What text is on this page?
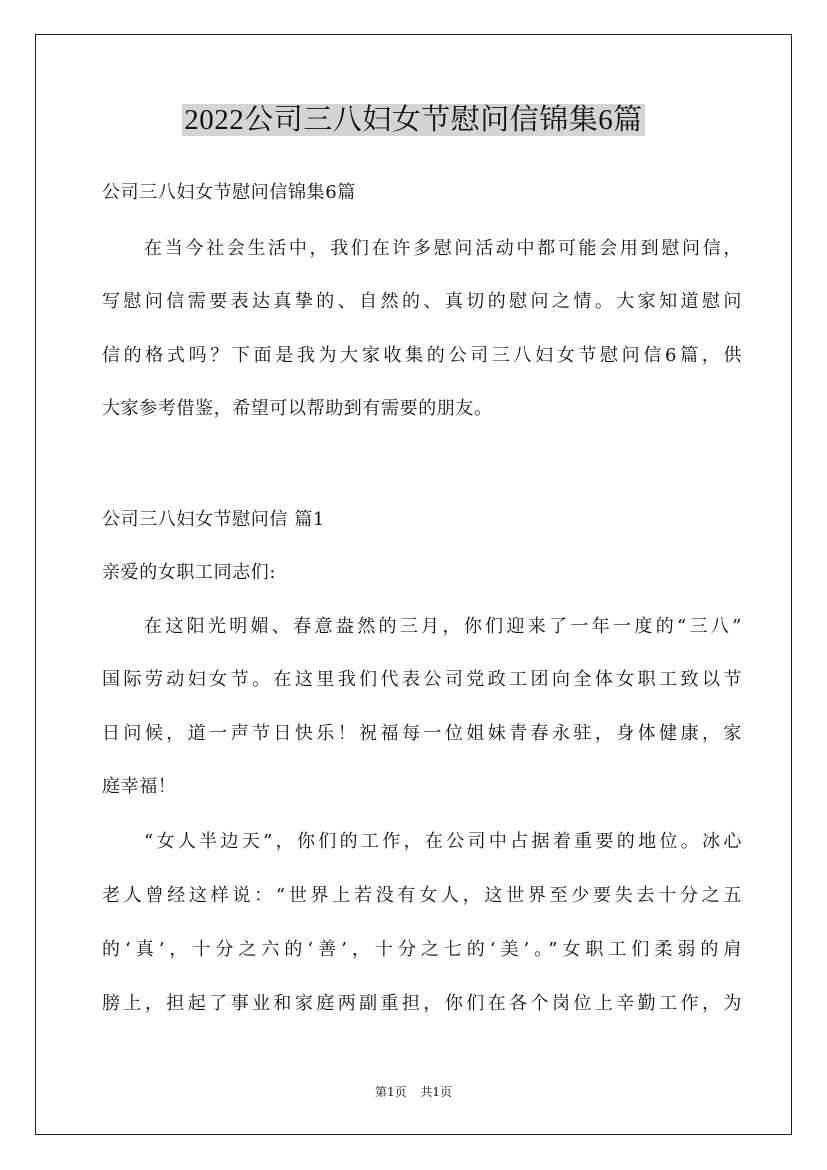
2022公司三八妇女节慰问信锦集6篇
公司三八妇女节慰问信锦集6篇
在当今社会生活中，我们在许多慰问活动中都可能会用到慰问信，
写慰问信需要表达真挚的、自然的、真切的慰问之情。大家知道慰问
信的格式吗？下面是我为大家收集的公司三八妇女节慰问信6篇，供
大家参考借鉴，希望可以帮助到有需要的朋友。
公司三八妇女节慰问信 篇1
亲爱的女职工同志们:
在这阳光明媚、春意盎然的三月，你们迎来了一年一度的“三八”
国际劳动妇女节。在这里我们代表公司党政工团向全体女职工致以节
日问候，道一声节日快乐！祝福每一位姐妹青春永驻，身体健康，家
庭幸福！
“女人半边天”，你们的工作，在公司中占据着重要的地位。冰心
老人曾经这样说：“世界上若没有女人，这世界至少要失去十分之五
的‘真’，十分之六的‘善’，十分之七的‘美’。”女职工们柔弱的肩
膀上，担起了事业和家庭两副重担，你们在各个岗位上辛勤工作，为
第1页 共1页
